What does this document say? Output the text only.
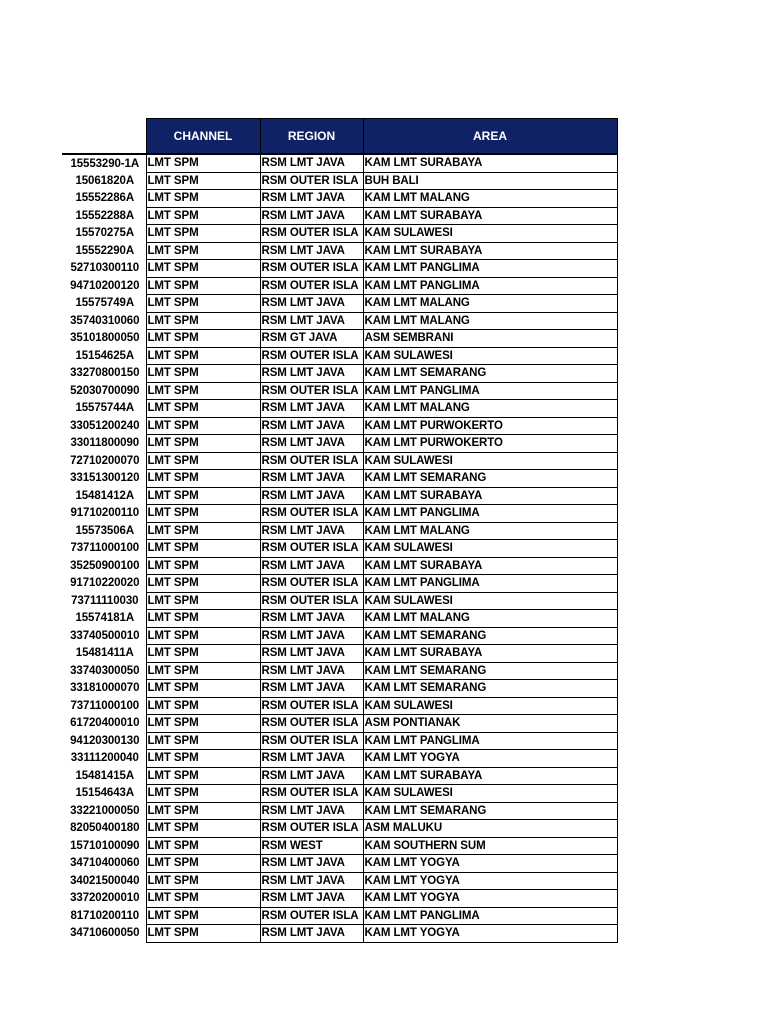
	CHANNEL	REGION	AREA
15553290-1A	LMT SPM	RSM LMT JAVA	KAM LMT SURABAYA
15061820A	LMT SPM	RSM OUTER ISLA	BUH BALI
15552286A	LMT SPM	RSM LMT JAVA	KAM LMT MALANG
15552288A	LMT SPM	RSM LMT JAVA	KAM LMT SURABAYA
15570275A	LMT SPM	RSM OUTER ISLA	KAM SULAWESI
15552290A	LMT SPM	RSM LMT JAVA	KAM LMT SURABAYA
52710300110	LMT SPM	RSM OUTER ISLA	KAM LMT PANGLIMA
94710200120	LMT SPM	RSM OUTER ISLA	KAM LMT PANGLIMA
15575749A	LMT SPM	RSM LMT JAVA	KAM LMT MALANG
35740310060	LMT SPM	RSM LMT JAVA	KAM LMT MALANG
35101800050	LMT SPM	RSM GT JAVA	ASM SEMBRANI
15154625A	LMT SPM	RSM OUTER ISLA	KAM SULAWESI
33270800150	LMT SPM	RSM LMT JAVA	KAM LMT SEMARANG
52030700090	LMT SPM	RSM OUTER ISLA	KAM LMT PANGLIMA
15575744A	LMT SPM	RSM LMT JAVA	KAM LMT MALANG
33051200240	LMT SPM	RSM LMT JAVA	KAM LMT PURWOKERTO
33011800090	LMT SPM	RSM LMT JAVA	KAM LMT PURWOKERTO
72710200070	LMT SPM	RSM OUTER ISLA	KAM SULAWESI
33151300120	LMT SPM	RSM LMT JAVA	KAM LMT SEMARANG
15481412A	LMT SPM	RSM LMT JAVA	KAM LMT SURABAYA
91710200110	LMT SPM	RSM OUTER ISLA	KAM LMT PANGLIMA
15573506A	LMT SPM	RSM LMT JAVA	KAM LMT MALANG
73711000100	LMT SPM	RSM OUTER ISLA	KAM SULAWESI
35250900100	LMT SPM	RSM LMT JAVA	KAM LMT SURABAYA
91710220020	LMT SPM	RSM OUTER ISLA	KAM LMT PANGLIMA
73711110030	LMT SPM	RSM OUTER ISLA	KAM SULAWESI
15574181A	LMT SPM	RSM LMT JAVA	KAM LMT MALANG
33740500010	LMT SPM	RSM LMT JAVA	KAM LMT SEMARANG
15481411A	LMT SPM	RSM LMT JAVA	KAM LMT SURABAYA
33740300050	LMT SPM	RSM LMT JAVA	KAM LMT SEMARANG
33181000070	LMT SPM	RSM LMT JAVA	KAM LMT SEMARANG
73711000100	LMT SPM	RSM OUTER ISLA	KAM SULAWESI
61720400010	LMT SPM	RSM OUTER ISLA	ASM PONTIANAK
94120300130	LMT SPM	RSM OUTER ISLA	KAM LMT PANGLIMA
33111200040	LMT SPM	RSM LMT JAVA	KAM LMT YOGYA
15481415A	LMT SPM	RSM LMT JAVA	KAM LMT SURABAYA
15154643A	LMT SPM	RSM OUTER ISLA	KAM SULAWESI
33221000050	LMT SPM	RSM LMT JAVA	KAM LMT SEMARANG
82050400180	LMT SPM	RSM OUTER ISLA	ASM MALUKU
15710100090	LMT SPM	RSM WEST	KAM SOUTHERN SUM
34710400060	LMT SPM	RSM LMT JAVA	KAM LMT YOGYA
34021500040	LMT SPM	RSM LMT JAVA	KAM LMT YOGYA
33720200010	LMT SPM	RSM LMT JAVA	KAM LMT YOGYA
81710200110	LMT SPM	RSM OUTER ISLA	KAM LMT PANGLIMA
34710600050	LMT SPM	RSM LMT JAVA	KAM LMT YOGYA
